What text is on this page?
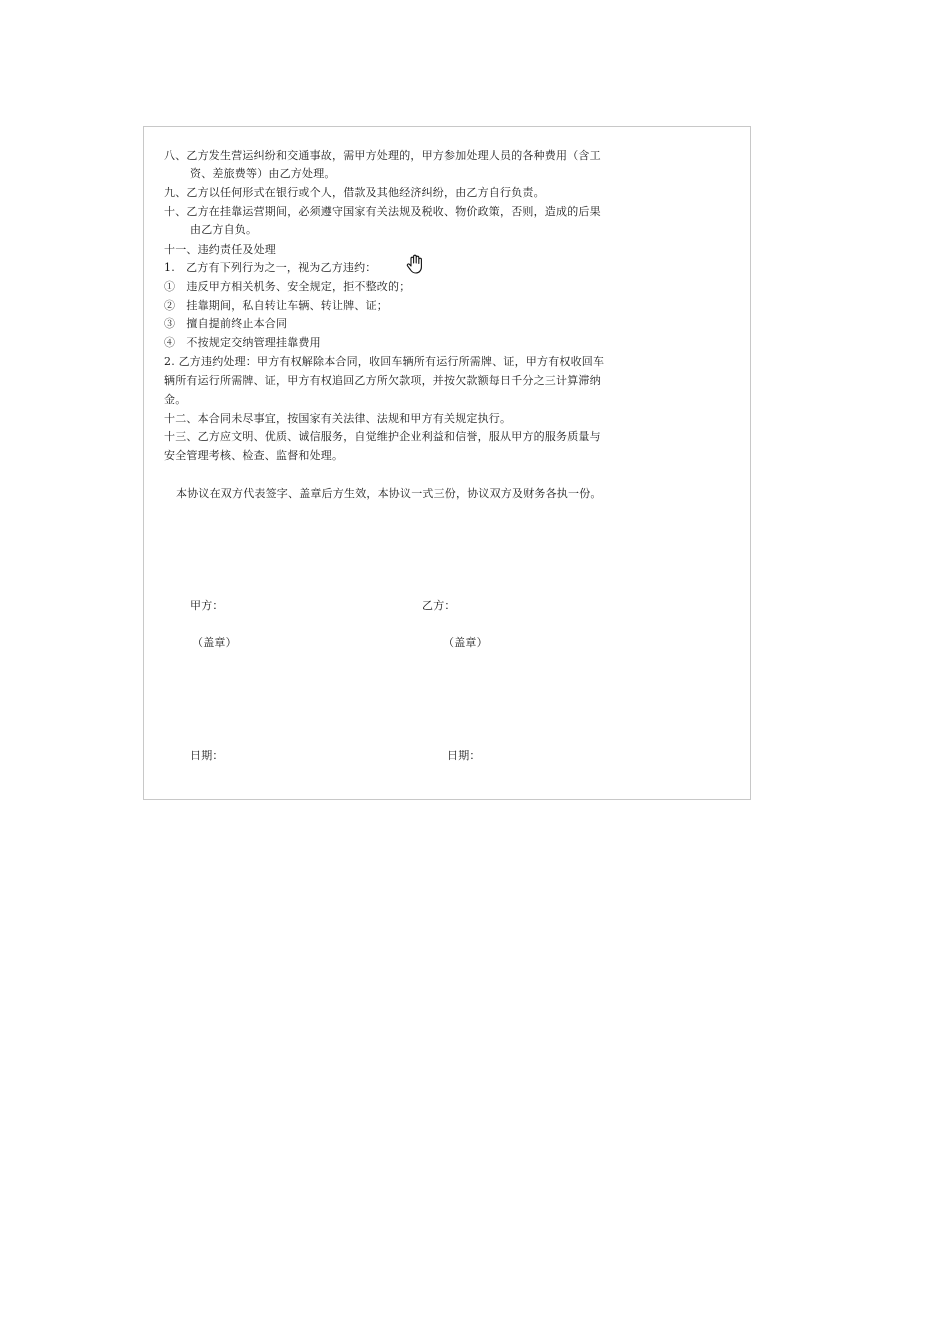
八、乙方发生营运纠纷和交通事故，需甲方处理的，甲方参加处理人员的各种费用（含工
资、差旅费等）由乙方处理。
九、乙方以任何形式在银行或个人，借款及其他经济纠纷，由乙方自行负责。
十、乙方在挂靠运营期间，必须遵守国家有关法规及税收、物价政策，否则，造成的后果
由乙方自负。
十一、违约责任及处理
1.　乙方有下列行为之一，视为乙方违约：
①　违反甲方相关机务、安全规定，拒不整改的；
②　挂靠期间，私自转让车辆、转让牌、证；
③　擅自提前终止本合同
④　不按规定交纳管理挂靠费用
2. 乙方违约处理：甲方有权解除本合同，收回车辆所有运行所需牌、证，甲方有权收回车
辆所有运行所需牌、证，甲方有权追回乙方所欠款项，并按欠款额每日千分之三计算滞纳
金。
十二、本合同未尽事宜，按国家有关法律、法规和甲方有关规定执行。
十三、乙方应文明、优质、诚信服务，自觉维护企业利益和信誉，服从甲方的服务质量与
安全管理考核、检查、监督和处理。
本协议在双方代表签字、盖章后方生效，本协议一式三份，协议双方及财务各执一份。
甲方：	乙方：
（盖章）	（盖章）
日期：	日期：
